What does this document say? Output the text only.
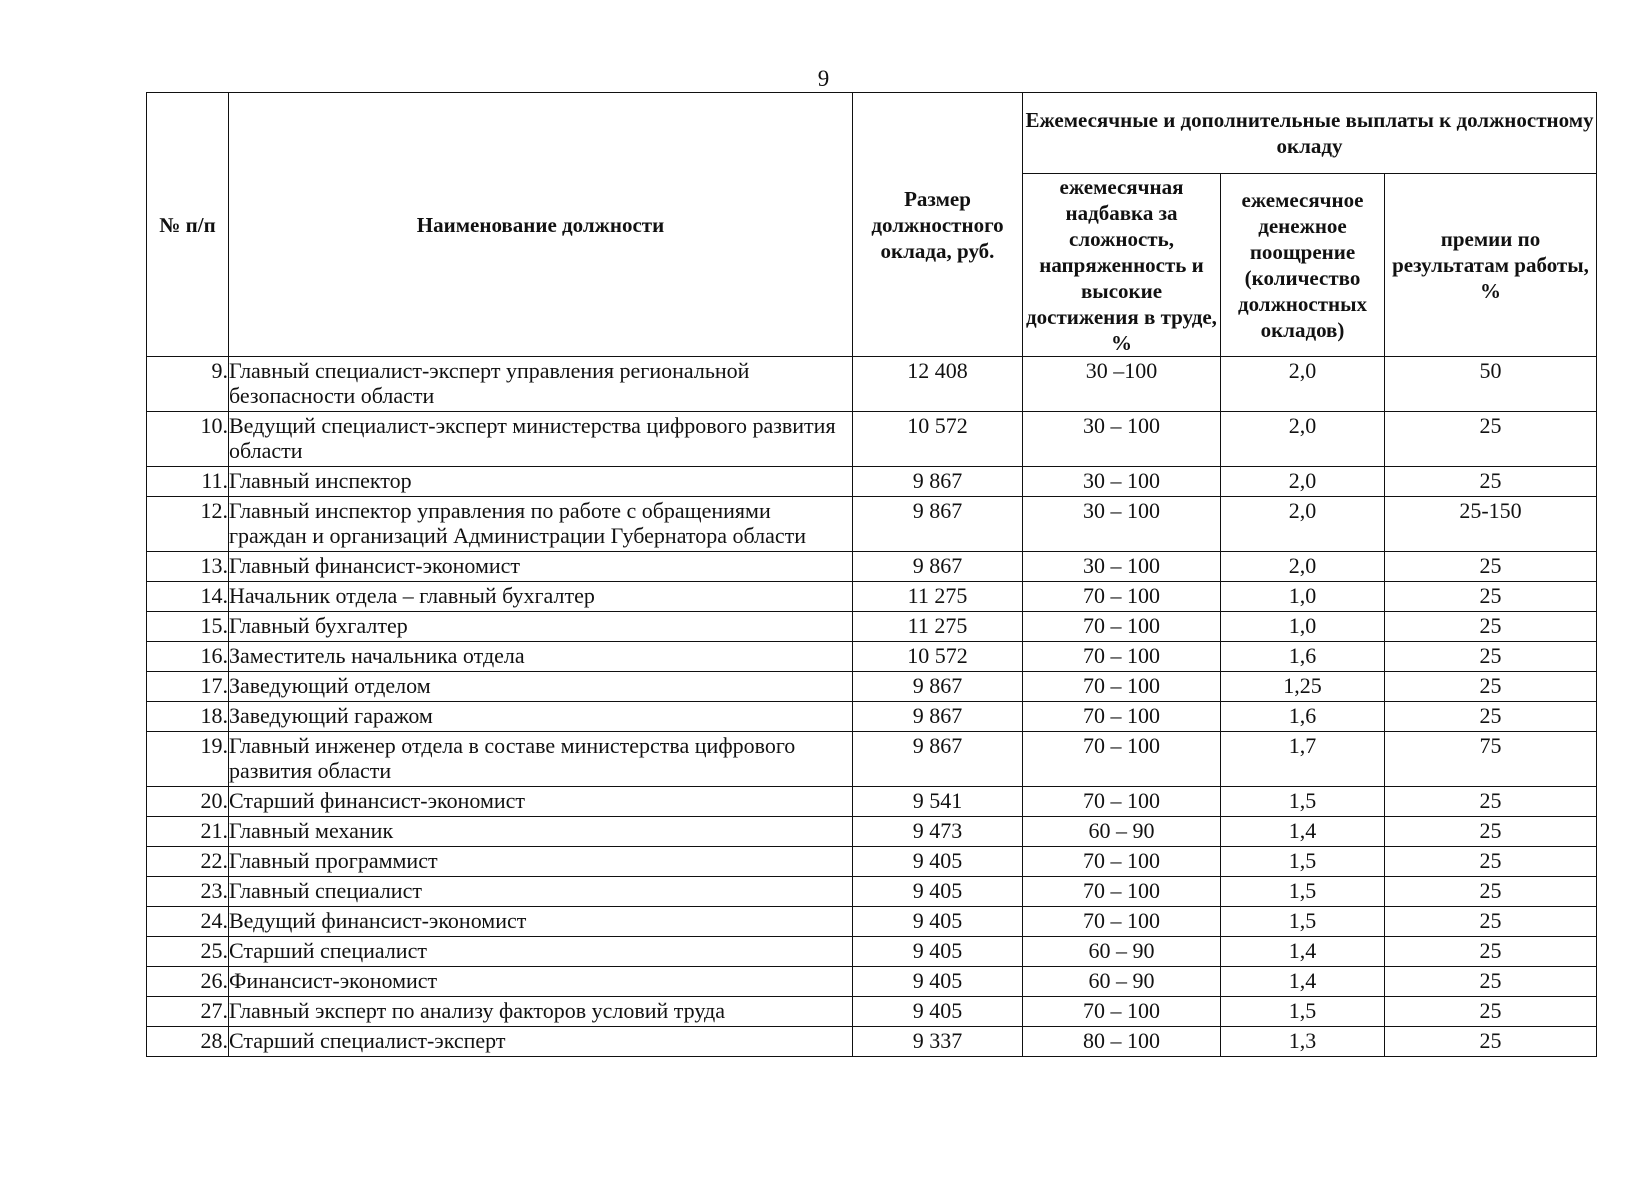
9
№ п/п	Наименование должности	Размер должностного оклада, руб.	Ежемесячные и дополнительные выплаты к должностному окладу		
			ежемесячная надбавка за сложность, напряженность и высокие достижения в труде, %	ежемесячное денежное поощрение (количество должностных окладов)	премии по результатам работы, %
9.	Главный специалист-эксперт управления региональной безопасности области	12 408	30 –100	2,0	50
10.	Ведущий специалист-эксперт министерства цифрового развития области	10 572	30 – 100	2,0	25
11.	Главный инспектор	9 867	30 – 100	2,0	25
12.	Главный инспектор управления по работе с обращениями граждан и организаций Администрации Губернатора области	9 867	30 – 100	2,0	25-150
13.	Главный финансист-экономист	9 867	30 – 100	2,0	25
14.	Начальник отдела – главный бухгалтер	11 275	70 – 100	1,0	25
15.	Главный бухгалтер	11 275	70 – 100	1,0	25
16.	Заместитель начальника отдела	10 572	70 – 100	1,6	25
17.	Заведующий отделом	9 867	70 – 100	1,25	25
18.	Заведующий гаражом	9 867	70 – 100	1,6	25
19.	Главный инженер отдела в составе министерства цифрового развития области	9 867	70 – 100	1,7	75
20.	Старший финансист-экономист	9 541	70 – 100	1,5	25
21.	Главный механик	9 473	60 – 90	1,4	25
22.	Главный программист	9 405	70 – 100	1,5	25
23.	Главный специалист	9 405	70 – 100	1,5	25
24.	Ведущий финансист-экономист	9 405	70 – 100	1,5	25
25.	Старший специалист	9 405	60 – 90	1,4	25
26.	Финансист-экономист	9 405	60 – 90	1,4	25
27.	Главный эксперт по анализу факторов условий труда	9 405	70 – 100	1,5	25
28.	Старший специалист-эксперт	9 337	80 – 100	1,3	25
